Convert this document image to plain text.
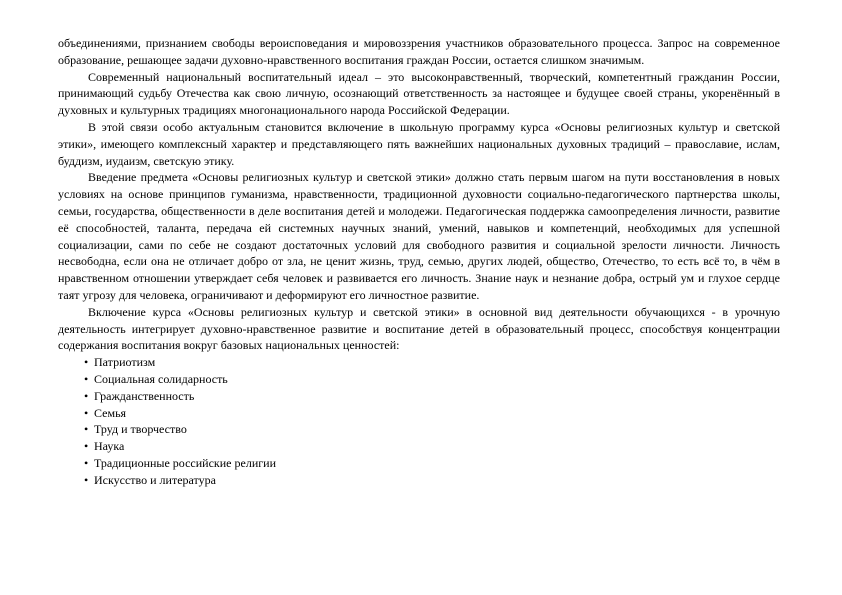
объединениями, признанием свободы вероисповедания и мировоззрения участников образовательного процесса. Запрос на современное образование, решающее задачи духовно-нравственного воспитания граждан России, остается слишком значимым.

Современный национальный воспитательный идеал – это высоконравственный, творческий, компетентный гражданин России, принимающий судьбу Отечества как свою личную, осознающий ответственность за настоящее и будущее своей страны, укоренённый в духовных и культурных традициях многонационального народа Российской Федерации.

В этой связи особо актуальным становится включение в школьную программу курса «Основы религиозных культур и светской этики», имеющего комплексный характер и представляющего пять важнейших национальных духовных традиций – православие, ислам, буддизм, иудаизм, светскую этику.

Введение предмета «Основы религиозных культур и светской этики» должно стать первым шагом на пути восстановления в новых условиях на основе принципов гуманизма, нравственности, традиционной духовности социально-педагогического партнерства школы, семьи, государства, общественности в деле воспитания детей и молодежи. Педагогическая поддержка самоопределения личности, развитие её способностей, таланта, передача ей системных научных знаний, умений, навыков и компетенций, необходимых для успешной социализации, сами по себе не создают достаточных условий для свободного развития и социальной зрелости личности. Личность несвободна, если она не отличает добро от зла, не ценит жизнь, труд, семью, других людей, общество, Отечество, то есть всё то, в чём в нравственном отношении утверждает себя человек и развивается его личность. Знание наук и незнание добра, острый ум и глухое сердце таят угрозу для человека, ограничивают и деформируют его личностное развитие.

Включение курса «Основы религиозных культур и светской этики» в основной вид деятельности обучающихся - в урочную деятельность интегрирует духовно-нравственное развитие и воспитание детей в образовательный процесс, способствуя концентрации содержания воспитания вокруг базовых национальных ценностей:

• Патриотизм
• Социальная солидарность
• Гражданственность
• Семья
• Труд и творчество
• Наука
• Традиционные российские религии
• Искусство и литература
